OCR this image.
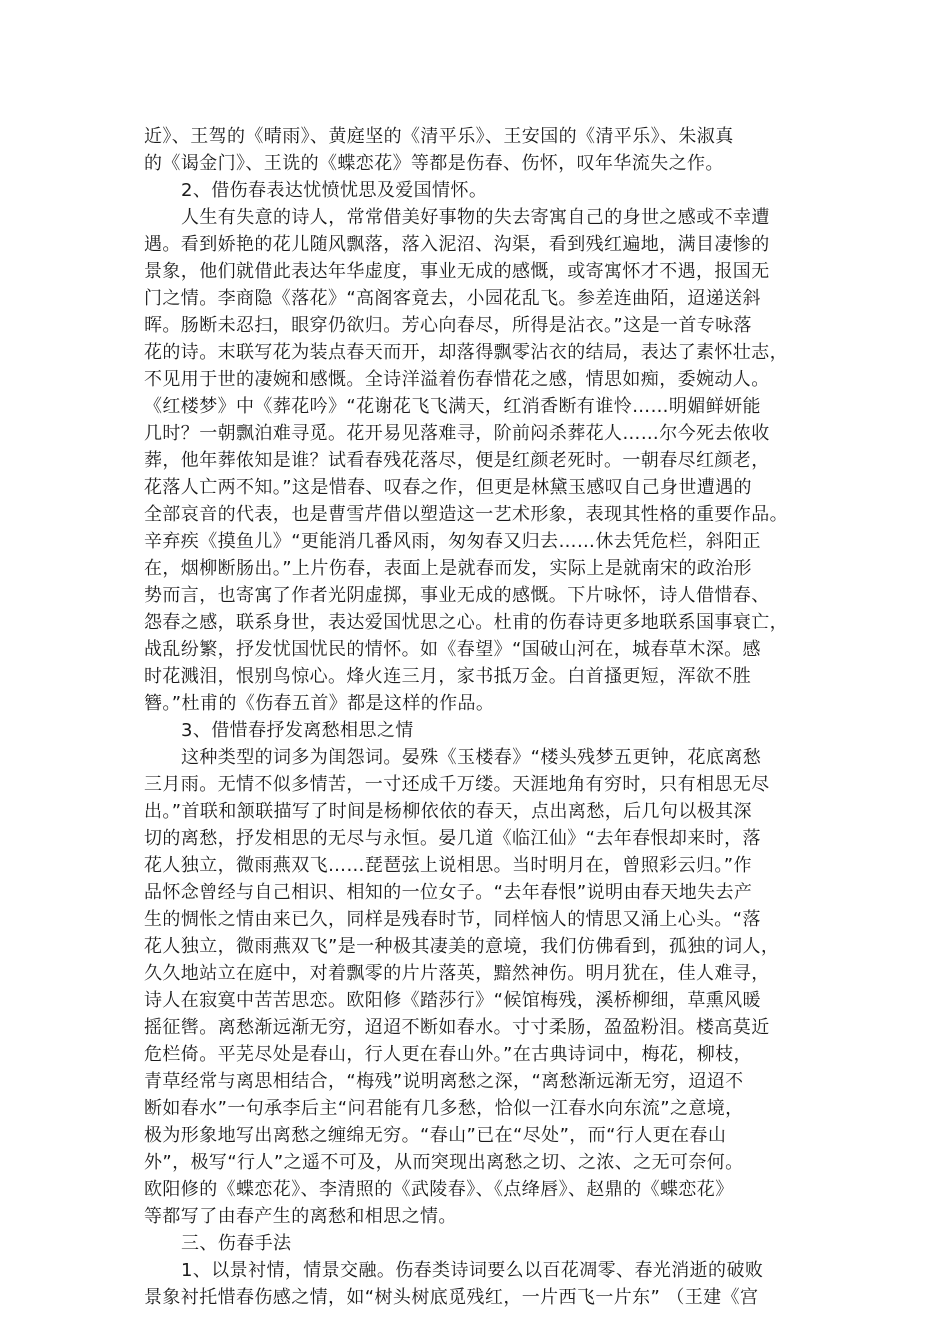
近》、王驾的《晴雨》、黄庭坚的《清平乐》、王安国的《清平乐》、朱淑真
的《谒金门》、王诜的《蝶恋花》等都是伤春、伤怀，叹年华流失之作。
2、借伤春表达忧愤忧思及爱国情怀。
人生有失意的诗人，常常借美好事物的失去寄寓自己的身世之感或不幸遭
遇。看到娇艳的花儿随风飘落，落入泥沼、沟渠，看到残红遍地，满目凄惨的
景象，他们就借此表达年华虚度，事业无成的感慨，或寄寓怀才不遇，报国无
门之情。李商隐《落花》“高阁客竟去，小园花乱飞。参差连曲陌，迢递送斜
晖。肠断未忍扫，眼穿仍欲归。芳心向春尽，所得是沾衣。”这是一首专咏落
花的诗。末联写花为装点春天而开，却落得飘零沾衣的结局，表达了素怀壮志，
不见用于世的凄婉和感慨。全诗洋溢着伤春惜花之感，情思如痴，委婉动人。
《红楼梦》中《葬花吟》“花谢花飞飞满天，红消香断有谁怜……明媚鲜妍能
几时？一朝飘泊难寻觅。花开易见落难寻，阶前闷杀葬花人……尔今死去侬收
葬，他年葬侬知是谁？试看春残花落尽，便是红颜老死时。一朝春尽红颜老，
花落人亡两不知。”这是惜春、叹春之作，但更是林黛玉感叹自己身世遭遇的
全部哀音的代表，也是曹雪芹借以塑造这一艺术形象，表现其性格的重要作品。
辛弃疾《摸鱼儿》“更能消几番风雨，匆匆春又归去……休去凭危栏，斜阳正
在，烟柳断肠出。”上片伤春，表面上是就春而发，实际上是就南宋的政治形
势而言，也寄寓了作者光阴虚掷，事业无成的感慨。下片咏怀，诗人借惜春、
怨春之感，联系身世，表达爱国忧思之心。杜甫的伤春诗更多地联系国事衰亡，
战乱纷繁，抒发忧国忧民的情怀。如《春望》“国破山河在，城春草木深。感
时花溅泪，恨别鸟惊心。烽火连三月，家书抵万金。白首搔更短，浑欲不胜
簪。”杜甫的《伤春五首》都是这样的作品。
3、借惜春抒发离愁相思之情
这种类型的词多为闺怨词。晏殊《玉楼春》“楼头残梦五更钟，花底离愁
三月雨。无情不似多情苦，一寸还成千万缕。天涯地角有穷时，只有相思无尽
出。”首联和颔联描写了时间是杨柳依依的春天，点出离愁，后几句以极其深
切的离愁，抒发相思的无尽与永恒。晏几道《临江仙》“去年春恨却来时，落
花人独立，微雨燕双飞……琵琶弦上说相思。当时明月在，曾照彩云归。”作
品怀念曾经与自己相识、相知的一位女子。“去年春恨”说明由春天地失去产
生的惆怅之情由来已久，同样是残春时节，同样恼人的情思又涌上心头。“落
花人独立，微雨燕双飞”是一种极其凄美的意境，我们仿佛看到，孤独的词人，
久久地站立在庭中，对着飘零的片片落英，黯然神伤。明月犹在，佳人难寻，
诗人在寂寞中苦苦思恋。欧阳修《踏莎行》“候馆梅残，溪桥柳细，草熏风暖
摇征辔。离愁渐远渐无穷，迢迢不断如春水。寸寸柔肠，盈盈粉泪。楼高莫近
危栏倚。平芜尽处是春山，行人更在春山外。”在古典诗词中，梅花，柳枝，
青草经常与离思相结合，“梅残”说明离愁之深，“离愁渐远渐无穷，迢迢不
断如春水”一句承李后主“问君能有几多愁，恰似一江春水向东流”之意境，
极为形象地写出离愁之缠绵无穷。“春山”已在“尽处”，而“行人更在春山
外”，极写“行人”之遥不可及，从而突现出离愁之切、之浓、之无可奈何。
欧阳修的《蝶恋花》、李清照的《武陵春》、《点绛唇》、赵鼎的《蝶恋花》
等都写了由春产生的离愁和相思之情。
三、伤春手法
1、以景衬情，情景交融。伤春类诗词要么以百花凋零、春光消逝的破败
景象衬托惜春伤感之情，如“树头树底觅残红，一片西飞一片东” （王建《宫
